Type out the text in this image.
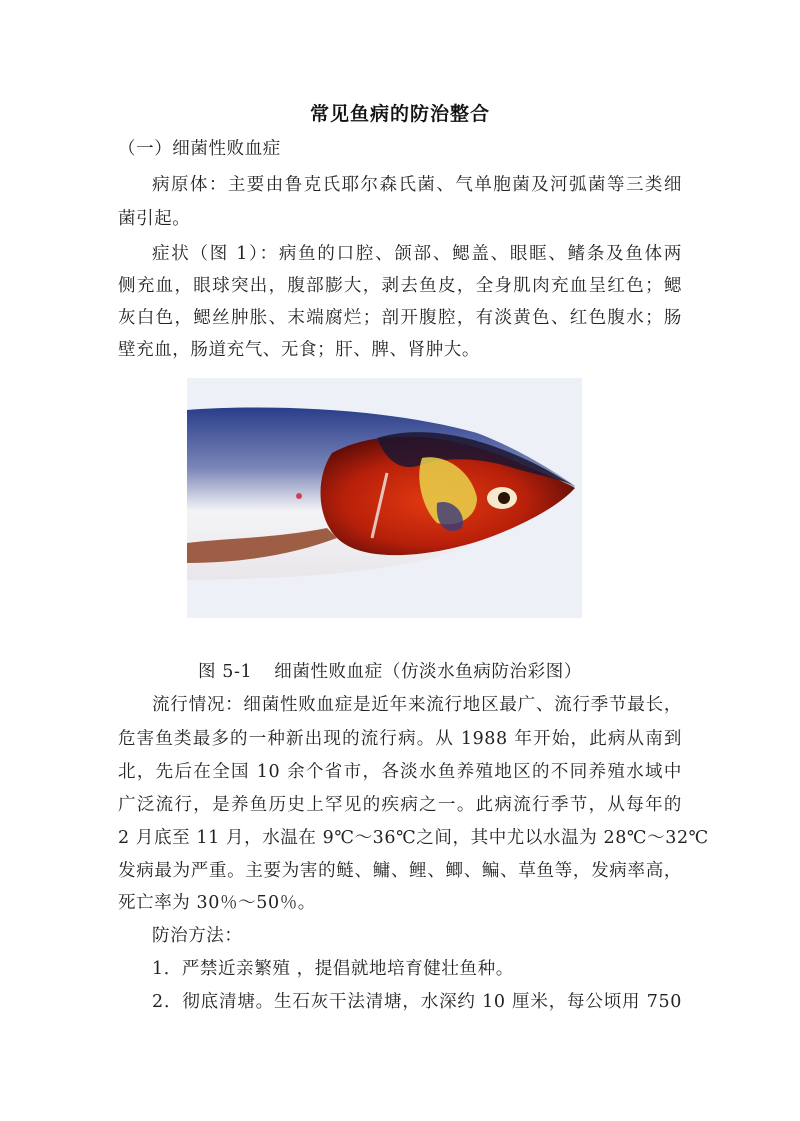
常见鱼病的防治整合
（一）细菌性败血症
病原体：主要由鲁克氏耶尔森氏菌、气单胞菌及河弧菌等三类细
菌引起。
症状（图 1）：病鱼的口腔、颌部、鳃盖、眼眶、鳍条及鱼体两
侧充血，眼球突出，腹部膨大，剥去鱼皮，全身肌肉充血呈红色；鳃
灰白色，鳃丝肿胀、末端腐烂；剖开腹腔，有淡黄色、红色腹水；肠
壁充血，肠道充气、无食；肝、脾、肾肿大。
图 5-1 细菌性败血症（仿淡水鱼病防治彩图）
流行情况：细菌性败血症是近年来流行地区最广、流行季节最长，
危害鱼类最多的一种新出现的流行病。从 1988 年开始，此病从南到
北，先后在全国 10 余个省市，各淡水鱼养殖地区的不同养殖水域中
广泛流行，是养鱼历史上罕见的疾病之一。此病流行季节，从每年的
2 月底至 11 月，水温在 9℃～36℃之间，其中尤以水温为 28℃～32℃
发病最为严重。主要为害的鲢、鳙、鲤、鲫、鳊、草鱼等，发病率高，
死亡率为 30％～50％。
防治方法：
1．严禁近亲繁殖 ，提倡就地培育健壮鱼种。
2．彻底清塘。生石灰干法清塘，水深约 10 厘米，每公顷用 750
